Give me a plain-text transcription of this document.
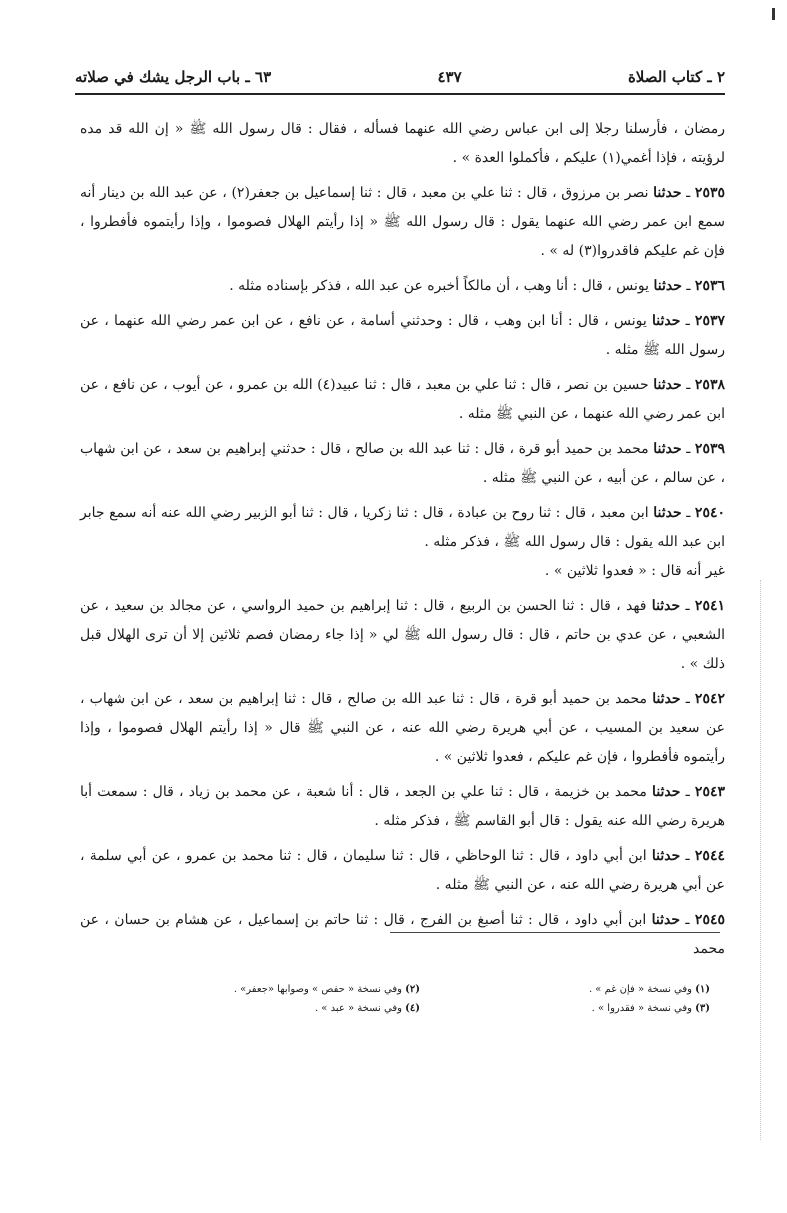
٢ ـ كتاب الصلاة
٤٣٧
٦٣ ـ باب الرجل يشك في صلاته

رمضان ، فأرسلنا رجلا إلى ابن عباس رضي الله عنهما فسأله ، فقال : قال رسول الله ﷺ « إن الله قد مده لرؤيته ، فإذا أغمي(١) عليكم ، فأكملوا العدة » .

٢٥٣٥ ـ حدثنا نصر بن مرزوق ، قال : ثنا علي بن معبد ، قال : ثنا إسماعيل بن جعفر(٢) ، عن عبد الله بن دينار أنه سمع ابن عمر رضي الله عنهما يقول : قال رسول الله ﷺ « إذا رأيتم الهلال فصوموا ، وإذا رأيتموه فأفطروا ، فإن غم عليكم فاقدروا(٣) له » .

٢٥٣٦ ـ حدثنا يونس ، قال : أنا وهب ، أن مالكاً أخبره عن عبد الله ، فذكر بإسناده مثله .

٢٥٣٧ ـ حدثنا يونس ، قال : أنا ابن وهب ، قال : وحدثني أسامة ، عن نافع ، عن ابن عمر رضي الله عنهما ، عن رسول الله ﷺ مثله .

٢٥٣٨ ـ حدثنا حسين بن نصر ، قال : ثنا علي بن معبد ، قال : ثنا عبيد(٤) الله بن عمرو ، عن أيوب ، عن نافع ، عن ابن عمر رضي الله عنهما ، عن النبي ﷺ مثله .

٢٥٣٩ ـ حدثنا محمد بن حميد أبو قرة ، قال : ثنا عبد الله بن صالح ، قال : حدثني إبراهيم بن سعد ، عن ابن شهاب ، عن سالم ، عن أبيه ، عن النبي ﷺ مثله .

٢٥٤٠ ـ حدثنا ابن معبد ، قال : ثنا روح بن عبادة ، قال : ثنا زكريا ، قال : ثنا أبو الزبير رضي الله عنه أنه سمع جابر ابن عبد الله يقول : قال رسول الله ﷺ ، فذكر مثله .

غير أنه قال : « فعدوا ثلاثين » .

٢٥٤١ ـ حدثنا فهد ، قال : ثنا الحسن بن الربيع ، قال : ثنا إبراهيم بن حميد الرواسي ، عن مجالد بن سعيد ، عن الشعبي ، عن عدي بن حاتم ، قال : قال رسول الله ﷺ لي « إذا جاء رمضان فصم ثلاثين إلا أن ترى الهلال قبل ذلك » .

٢٥٤٢ ـ حدثنا محمد بن حميد أبو قرة ، قال : ثنا عبد الله بن صالح ، قال : ثنا إبراهيم بن سعد ، عن ابن شهاب ، عن سعيد بن المسيب ، عن أبي هريرة رضي الله عنه ، عن النبي ﷺ قال « إذا رأيتم الهلال فصوموا ، وإذا رأيتموه فأفطروا ، فإن غم عليكم ، فعدوا ثلاثين » .

٢٥٤٣ ـ حدثنا محمد بن خزيمة ، قال : ثنا علي بن الجعد ، قال : أنا شعبة ، عن محمد بن زياد ، قال : سمعت أبا هريرة رضي الله عنه يقول : قال أبو القاسم ﷺ ، فذكر مثله .

٢٥٤٤ ـ حدثنا ابن أبي داود ، قال : ثنا الوحاظي ، قال : ثنا سليمان ، قال : ثنا محمد بن عمرو ، عن أبي سلمة ، عن أبي هريرة رضي الله عنه ، عن النبي ﷺ مثله .

٢٥٤٥ ـ حدثنا ابن أبي داود ، قال : ثنا أصبغ بن الفرج ، قال : ثنا حاتم بن إسماعيل ، عن هشام بن حسان ، عن محمد

(١) وفي نسخة « فإن غم » .
(٣) وفي نسخة « فقدروا » .
(٢) وفي نسخة « حفص » وصوابها «جعفر» .
(٤) وفي نسخة « عبد » .
